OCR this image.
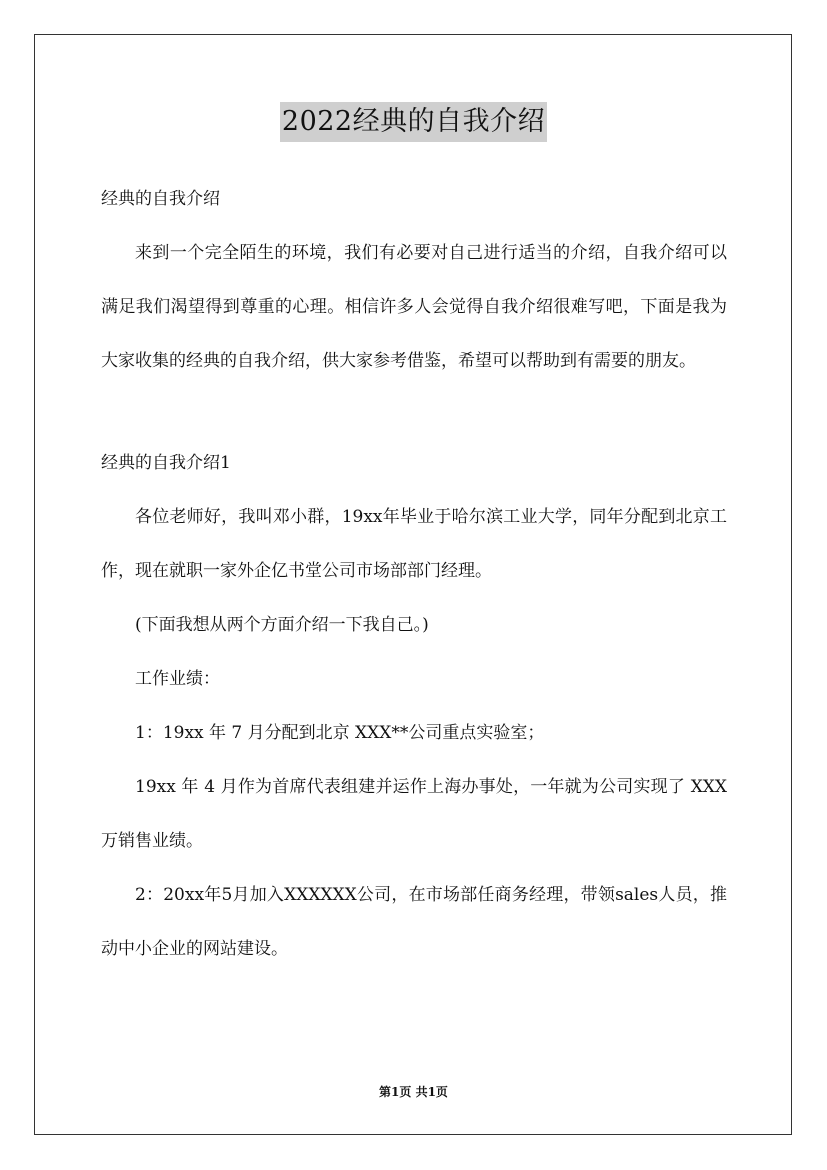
2022经典的自我介绍

经典的自我介绍

来到一个完全陌生的环境，我们有必要对自己进行适当的介绍，自我介绍可以满足我们渴望得到尊重的心理。相信许多人会觉得自我介绍很难写吧，下面是我为大家收集的经典的自我介绍，供大家参考借鉴，希望可以帮助到有需要的朋友。

经典的自我介绍1

各位老师好，我叫邓小群，19xx年毕业于哈尔滨工业大学，同年分配到北京工作，现在就职一家外企亿书堂公司市场部部门经理。

(下面我想从两个方面介绍一下我自己。)

工作业绩：

1：19xx 年 7 月分配到北京 XXX**公司重点实验室；

19xx 年 4 月作为首席代表组建并运作上海办事处，一年就为公司实现了 XXX 万销售业绩。

2：20xx年5月加入XXXXXX公司，在市场部任商务经理，带领sales人员，推动中小企业的网站建设。

第1页 共1页
